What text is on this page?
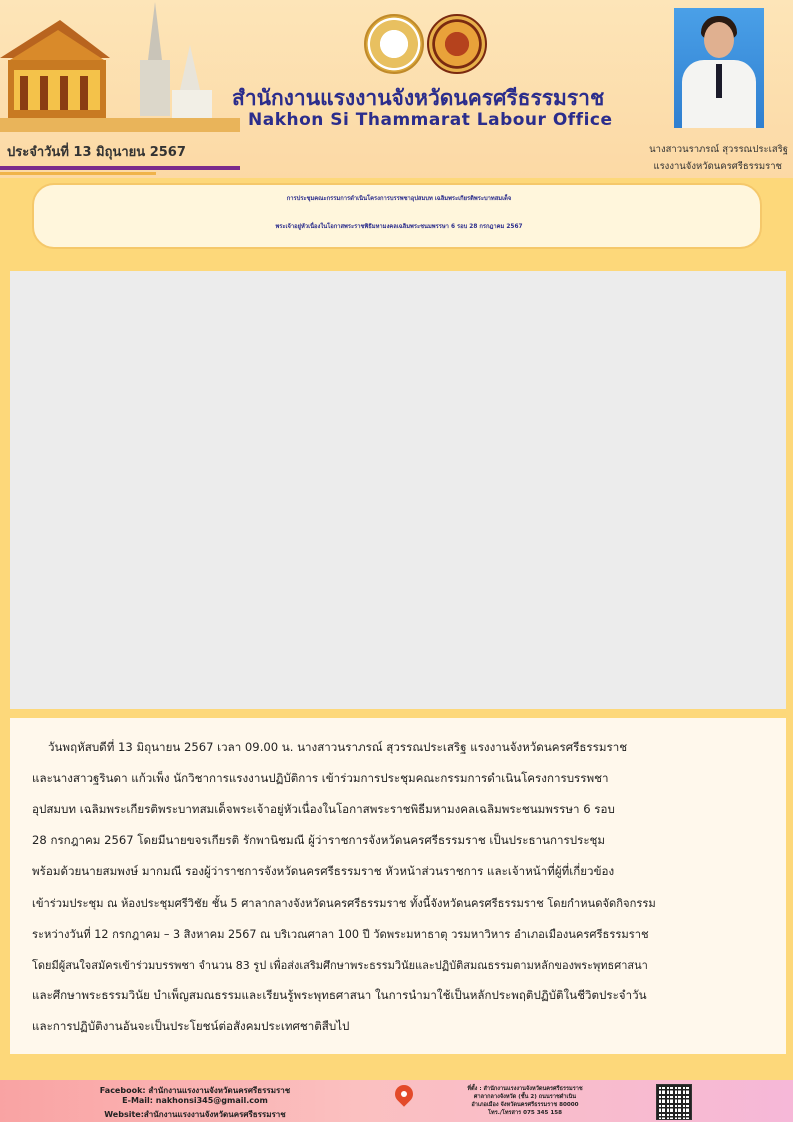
สำนักงานแรงงานจังหวัดนครศรีธรรมราช
Nakhon Si Thammarat Labour Office
ประจำวันที่ 13 มิถุนายน 2567	นางสาวนราภรณ์ สุวรรณประเสริฐ
แรงงานจังหวัดนครศรีธรรมราช
การประชุมคณะกรรมการดำเนินโครงการบรรพชาอุปสมบท เฉลิมพระเกียรติพระบาทสมเด็จ
พระเจ้าอยู่หัวเนื่องในโอกาสพระราชพิธีมหามงคลเฉลิมพระชนมพรรษา 6 รอบ 28 กรกฎาคม 2567
วันพฤหัสบดีที่ 13 มิถุนายน 2567 เวลา 09.00 น. นางสาวนราภรณ์ สุวรรณประเสริฐ แรงงานจังหวัดนครศรีธรรมราช
และนางสาวฐรินดา แก้วเพ็ง นักวิชาการแรงงานปฏิบัติการ เข้าร่วมการประชุมคณะกรรมการดำเนินโครงการบรรพชา
อุปสมบท เฉลิมพระเกียรติพระบาทสมเด็จพระเจ้าอยู่หัวเนื่องในโอกาสพระราชพิธีมหามงคลเฉลิมพระชนมพรรษา 6 รอบ
28 กรกฎาคม 2567 โดยมีนายขจรเกียรติ รักพานิชมณี ผู้ว่าราชการจังหวัดนครศรีธรรมราช เป็นประธานการประชุม
พร้อมด้วยนายสมพงษ์ มากมณี รองผู้ว่าราชการจังหวัดนครศรีธรรมราช หัวหน้าส่วนราชการ และเจ้าหน้าที่ผู้ที่เกี่ยวข้อง
เข้าร่วมประชุม ณ ห้องประชุมศรีวิชัย ชั้น 5 ศาลากลางจังหวัดนครศรีธรรมราช ทั้งนี้จังหวัดนครศรีธรรมราช โดยกำหนดจัดกิจกรรม
ระหว่างวันที่ 12 กรกฎาคม – 3 สิงหาคม 2567 ณ บริเวณศาลา 100 ปี วัดพระมหาธาตุ วรมหาวิหาร อำเภอเมืองนครศรีธรรมราช
โดยมีผู้สนใจสมัครเข้าร่วมบรรพชา จำนวน 83 รูป เพื่อส่งเสริมศึกษาพระธรรมวินัยและปฏิบัติสมณธรรมตามหลักของพระพุทธศาสนา
และศึกษาพระธรรมวินัย บำเพ็ญสมณธรรมและเรียนรู้พระพุทธศาสนา ในการนำมาใช้เป็นหลักประพฤติปฏิบัติในชีวิตประจำวัน
และการปฏิบัติงานอันจะเป็นประโยชน์ต่อสังคมประเทศชาติสืบไป
Facebook: สำนักงานแรงงานจังหวัดนครศรีธรรมราช
E-Mail: nakhonsi345@gmail.com
Website:สำนักงานแรงงานจังหวัดนครศรีธรรมราช
ที่ตั้ง : สำนักงานแรงงานจังหวัดนครศรีธรรมราช
ศาลากลางจังหวัด (ชั้น 2) ถนนราชดำเนิน
อำเภอเมือง จังหวัดนครศรีธรรมราช 80000
โทร./โทรสาร 075 345 158
